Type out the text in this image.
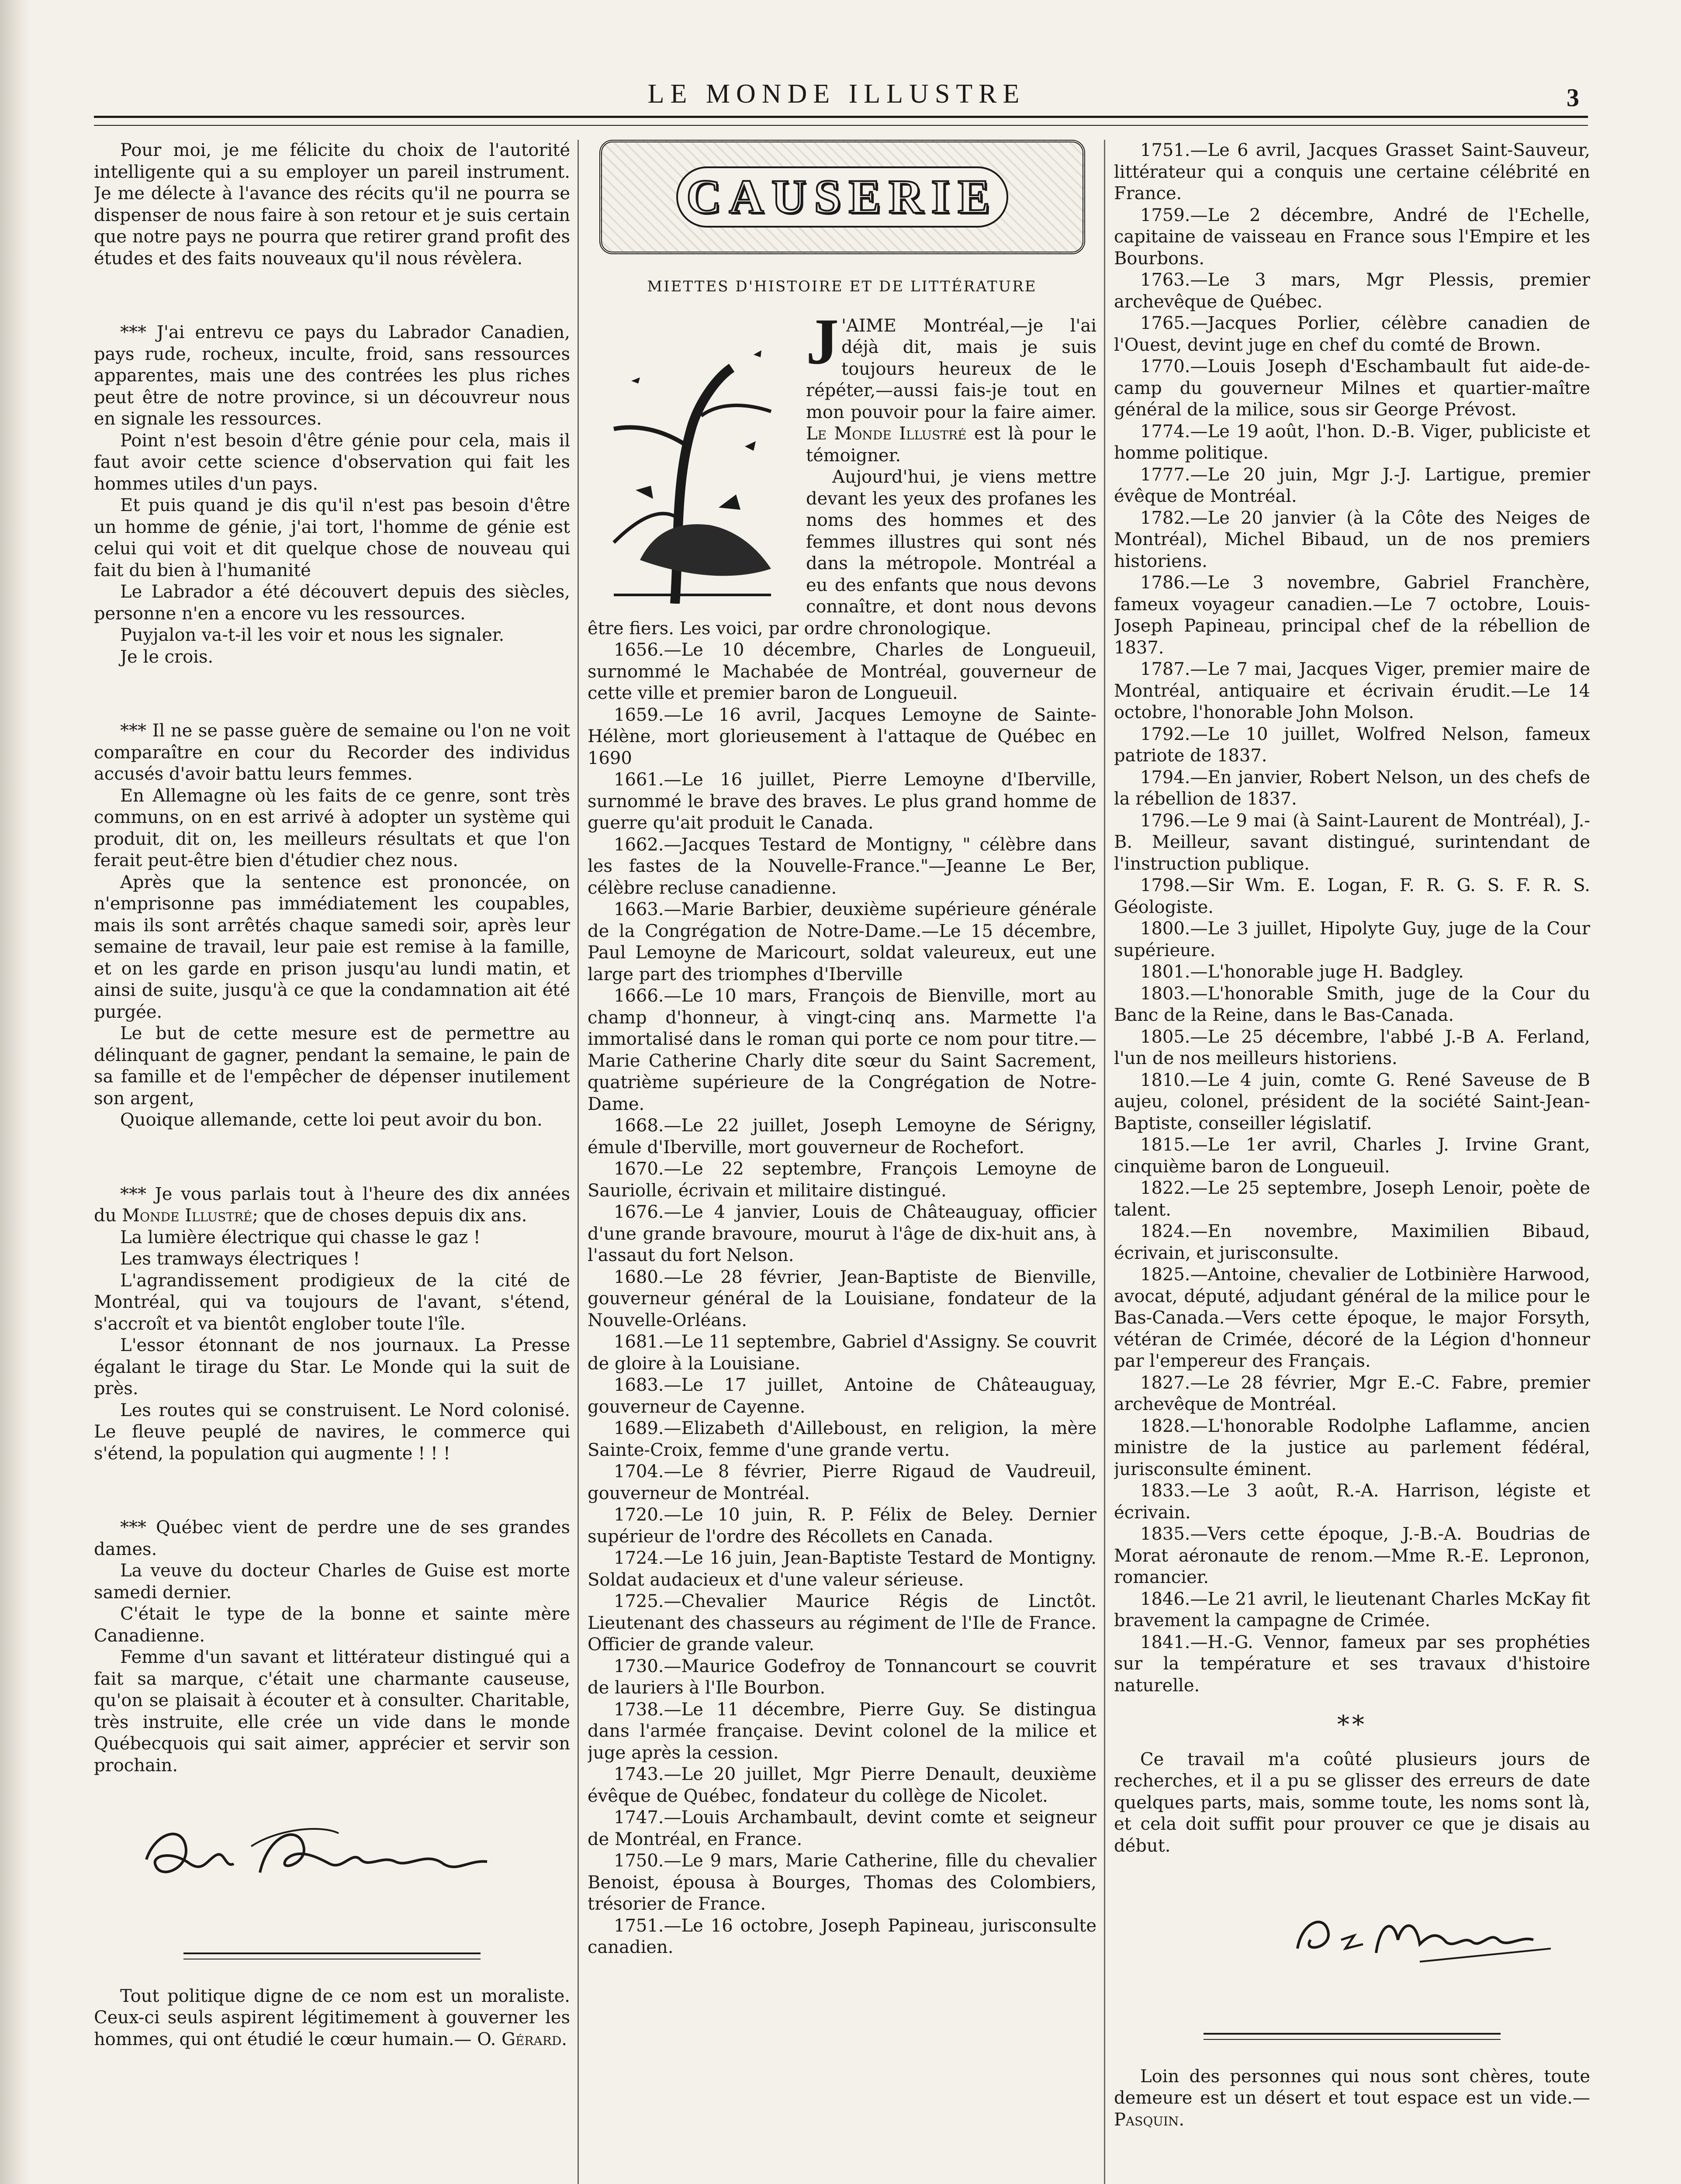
LE MONDE ILLUSTRE	3

Pour moi, je me félicite du choix de l'autorité intelligente qui a su employer un pareil instrument. Je me délecte à l'avance des récits qu'il ne pourra se dispenser de nous faire à son retour et je suis certain que notre pays ne pourra que retirer grand profit des études et des faits nouveaux qu'il nous révèlera.

*** J'ai entrevu ce pays du Labrador Canadien, pays rude, rocheux, inculte, froid, sans ressources apparentes, mais une des contrées les plus riches peut être de notre province, si un découvreur nous en signale les ressources.

Point n'est besoin d'être génie pour cela, mais il faut avoir cette science d'observation qui fait les hommes utiles d'un pays.

Et puis quand je dis qu'il n'est pas besoin d'être un homme de génie, j'ai tort, l'homme de génie est celui qui voit et dit quelque chose de nouveau qui fait du bien à l'humanité

Le Labrador a été découvert depuis des siècles, personne n'en a encore vu les ressources.

Puyjalon va-t-il les voir et nous les signaler.

Je le crois.

*** Il ne se passe guère de semaine ou l'on ne voit comparaître en cour du Recorder des individus accusés d'avoir battu leurs femmes.

En Allemagne où les faits de ce genre, sont très communs, on en est arrivé à adopter un système qui produit, dit on, les meilleurs résultats et que l'on ferait peut-être bien d'étudier chez nous.

Après que la sentence est prononcée, on n'emprisonne pas immédiatement les coupables, mais ils sont arrêtés chaque samedi soir, après leur semaine de travail, leur paie est remise à la famille, et on les garde en prison jusqu'au lundi matin, et ainsi de suite, jusqu'à ce que la condamnation ait été purgée.

Le but de cette mesure est de permettre au délinquant de gagner, pendant la semaine, le pain de sa famille et de l'empêcher de dépenser inutilement son argent,

Quoique allemande, cette loi peut avoir du bon.

*** Je vous parlais tout à l'heure des dix années du Monde Illustré; que de choses depuis dix ans.

La lumière électrique qui chasse le gaz !

Les tramways électriques !

L'agrandissement prodigieux de la cité de Montréal, qui va toujours de l'avant, s'étend, s'accroît et va bientôt englober toute l'île.

L'essor étonnant de nos journaux. La Presse égalant le tirage du Star. Le Monde qui la suit de près.

Les routes qui se construisent. Le Nord colonisé. Le fleuve peuplé de navires, le commerce qui s'étend, la population qui augmente ! ! !

*** Québec vient de perdre une de ses grandes dames.

La veuve du docteur Charles de Guise est morte samedi dernier.

C'était le type de la bonne et sainte mère Canadienne.

Femme d'un savant et littérateur distingué qui a fait sa marque, c'était une charmante causeuse, qu'on se plaisait à écouter et à consulter. Charitable, très instruite, elle crée un vide dans le monde Québecquois qui sait aimer, apprécier et servir son prochain.

Tout politique digne de ce nom est un moraliste. Ceux-ci seuls aspirent légitimement à gouverner les hommes, qui ont étudié le cœur humain.— O. Gérard.

CAUSERIE
MIETTES D'HISTOIRE ET DE LITTÉRATURE
J 'AIME Montréal,—je l'ai déjà dit, mais je suis toujours heureux de le répéter,—aussi fais-je tout en mon pouvoir pour la faire aimer. Le Monde Illustré est là pour le témoigner.

Aujourd'hui, je viens mettre devant les yeux des profanes les noms des hommes et des femmes illustres qui sont nés dans la métropole. Montréal a eu des enfants que nous devons connaître, et dont nous devons être fiers. Les voici, par ordre chronologique.

1656.—Le 10 décembre, Charles de Longueuil, surnommé le Machabée de Montréal, gouverneur de cette ville et premier baron de Longueuil.

1659.—Le 16 avril, Jacques Lemoyne de Sainte-Hélène, mort glorieusement à l'attaque de Québec en 1690

1661.—Le 16 juillet, Pierre Lemoyne d'Iberville, surnommé le brave des braves. Le plus grand homme de guerre qu'ait produit le Canada.

1662.—Jacques Testard de Montigny, " célèbre dans les fastes de la Nouvelle-France."—Jeanne Le Ber, célèbre recluse canadienne.

1663.—Marie Barbier, deuxième supérieure générale de la Congrégation de Notre-Dame.—Le 15 décembre, Paul Lemoyne de Maricourt, soldat valeureux, eut une large part des triomphes d'Iberville

1666.—Le 10 mars, François de Bienville, mort au champ d'honneur, à vingt-cinq ans. Marmette l'a immortalisé dans le roman qui porte ce nom pour titre.—Marie Catherine Charly dite sœur du Saint Sacrement, quatrième supérieure de la Congrégation de Notre-Dame.

1668.—Le 22 juillet, Joseph Lemoyne de Sérigny, émule d'Iberville, mort gouverneur de Rochefort.

1670.—Le 22 septembre, François Lemoyne de Sauriolle, écrivain et militaire distingué.

1676.—Le 4 janvier, Louis de Châteauguay, officier d'une grande bravoure, mourut à l'âge de dix-huit ans, à l'assaut du fort Nelson.

1680.—Le 28 février, Jean-Baptiste de Bienville, gouverneur général de la Louisiane, fondateur de la Nouvelle-Orléans.

1681.—Le 11 septembre, Gabriel d'Assigny. Se couvrit de gloire à la Louisiane.

1683.—Le 17 juillet, Antoine de Châteauguay, gouverneur de Cayenne.

1689.—Elizabeth d'Ailleboust, en religion, la mère Sainte-Croix, femme d'une grande vertu.

1704.—Le 8 février, Pierre Rigaud de Vaudreuil, gouverneur de Montréal.

1720.—Le 10 juin, R. P. Félix de Beley. Dernier supérieur de l'ordre des Récollets en Canada.

1724.—Le 16 juin, Jean-Baptiste Testard de Montigny. Soldat audacieux et d'une valeur sérieuse.

1725.—Chevalier Maurice Régis de Linctôt. Lieutenant des chasseurs au régiment de l'Ile de France. Officier de grande valeur.

1730.—Maurice Godefroy de Tonnancourt se couvrit de lauriers à l'Ile Bourbon.

1738.—Le 11 décembre, Pierre Guy. Se distingua dans l'armée française. Devint colonel de la milice et juge après la cession.

1743.—Le 20 juillet, Mgr Pierre Denault, deuxième évêque de Québec, fondateur du collège de Nicolet.

1747.—Louis Archambault, devint comte et seigneur de Montréal, en France.

1750.—Le 9 mars, Marie Catherine, fille du chevalier Benoist, épousa à Bourges, Thomas des Colombiers, trésorier de France.

1751.—Le 16 octobre, Joseph Papineau, jurisconsulte canadien.

1751.—Le 6 avril, Jacques Grasset Saint-Sauveur, littérateur qui a conquis une certaine célébrité en France.

1759.—Le 2 décembre, André de l'Echelle, capitaine de vaisseau en France sous l'Empire et les Bourbons.

1763.—Le 3 mars, Mgr Plessis, premier archevêque de Québec.

1765.—Jacques Porlier, célèbre canadien de l'Ouest, devint juge en chef du comté de Brown.

1770.—Louis Joseph d'Eschambault fut aide-de-camp du gouverneur Milnes et quartier-maître général de la milice, sous sir George Prévost.

1774.—Le 19 août, l'hon. D.-B. Viger, publiciste et homme politique.

1777.—Le 20 juin, Mgr J.-J. Lartigue, premier évêque de Montréal.

1782.—Le 20 janvier (à la Côte des Neiges de Montréal), Michel Bibaud, un de nos premiers historiens.

1786.—Le 3 novembre, Gabriel Franchère, fameux voyageur canadien.—Le 7 octobre, Louis-Joseph Papineau, principal chef de la rébellion de 1837.

1787.—Le 7 mai, Jacques Viger, premier maire de Montréal, antiquaire et écrivain érudit.—Le 14 octobre, l'honorable John Molson.

1792.—Le 10 juillet, Wolfred Nelson, fameux patriote de 1837.

1794.—En janvier, Robert Nelson, un des chefs de la rébellion de 1837.

1796.—Le 9 mai (à Saint-Laurent de Montréal), J.-B. Meilleur, savant distingué, surintendant de l'instruction publique.

1798.—Sir Wm. E. Logan, F. R. G. S. F. R. S. Géologiste.

1800.—Le 3 juillet, Hipolyte Guy, juge de la Cour supérieure.

1801.—L'honorable juge H. Badgley.

1803.—L'honorable Smith, juge de la Cour du Banc de la Reine, dans le Bas-Canada.

1805.—Le 25 décembre, l'abbé J.-B A. Ferland, l'un de nos meilleurs historiens.

1810.—Le 4 juin, comte G. René Saveuse de B aujeu, colonel, président de la société Saint-Jean-Baptiste, conseiller législatif.

1815.—Le 1er avril, Charles J. Irvine Grant, cinquième baron de Longueuil.

1822.—Le 25 septembre, Joseph Lenoir, poète de talent.

1824.—En novembre, Maximilien Bibaud, écrivain, et jurisconsulte.

1825.—Antoine, chevalier de Lotbinière Harwood, avocat, député, adjudant général de la milice pour le Bas-Canada.—Vers cette époque, le major Forsyth, vétéran de Crimée, décoré de la Légion d'honneur par l'empereur des Français.

1827.—Le 28 février, Mgr E.-C. Fabre, premier archevêque de Montréal.

1828.—L'honorable Rodolphe Laflamme, ancien ministre de la justice au parlement fédéral, jurisconsulte éminent.

1833.—Le 3 août, R.-A. Harrison, légiste et écrivain.

1835.—Vers cette époque, J.-B.-A. Boudrias de Morat aéronaute de renom.—Mme R.-E. Lepronon, romancier.

1846.—Le 21 avril, le lieutenant Charles McKay fit bravement la campagne de Crimée.

1841.—H.-G. Vennor, fameux par ses prophéties sur la température et ses travaux d'histoire naturelle.

**

Ce travail m'a coûté plusieurs jours de recherches, et il a pu se glisser des erreurs de date quelques parts, mais, somme toute, les noms sont là, et cela doit suffit pour prouver ce que je disais au début.

Loin des personnes qui nous sont chères, toute demeure est un désert et tout espace est un vide.— Pasquin.
